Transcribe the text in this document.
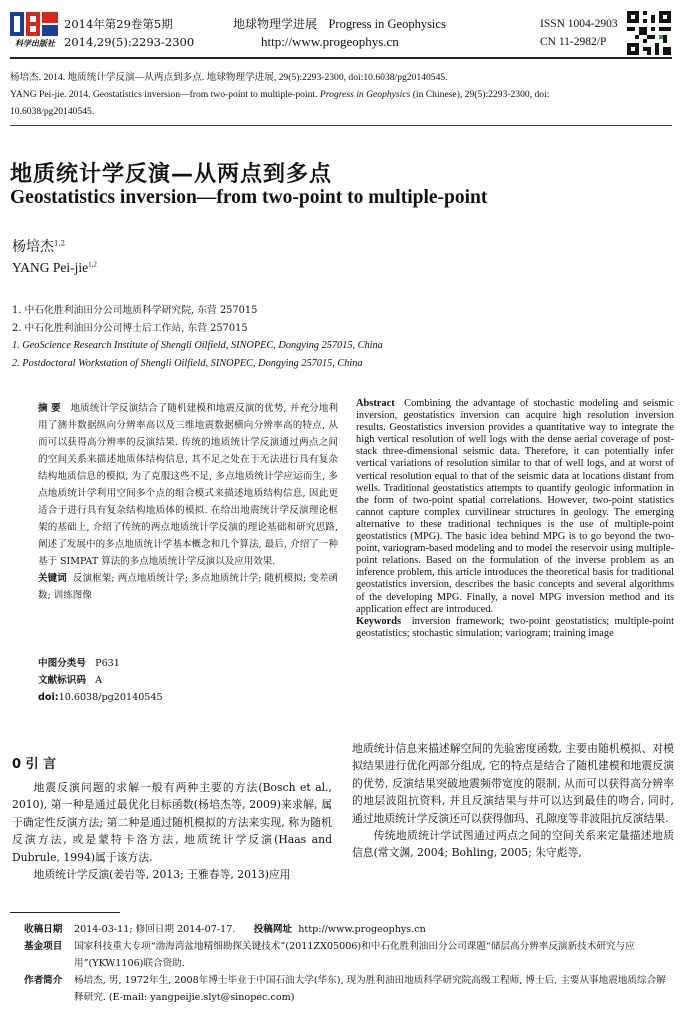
科学出版社
2014年第29卷第5期
2014,29(5):2293-2300
地球物理学进展 Progress in Geophysics
http://www.progeophys.cn
ISSN 1004-2903
CN 11-2982/P
杨培杰. 2014. 地质统计学反演—从两点到多点. 地球物理学进展, 29(5):2293-2300, doi:10.6038/pg20140545.
YANG Pei-jie. 2014. Geostatistics inversion—from two-point to multiple-point. Progress in Geophysics (in Chinese), 29(5):2293-2300, doi:
10.6038/pg20140545.
地质统计学反演—从两点到多点
Geostatistics inversion—from two-point to multiple-point
杨培杰$^{1,2}$
YANG Pei-jie$^{1,2}$
1. 中石化胜利油田分公司地质科学研究院, 东营 257015
2. 中石化胜利油田分公司博士后工作站, 东营 257015
1. GeoScience Research Institute of Shengli Oilfield, SINOPEC, Dongying 257015, China
2. Postdoctoral Workstation of Shengli Oilfield, SINOPEC, Dongying 257015, China
摘 要 地质统计学反演结合了随机建模和地震反演的优势, 并充分地利用了测井数据纵向分辨率高以及三维地震数据横向分辨率高的特点, 从而可以获得高分辨率的反演结果. 传统的地质统计学反演通过两点之间的空间关系来描述地质体结构信息, 其不足之处在于无法进行具有复杂结构地质信息的模拟, 为了克服这些不足, 多点地质统计学应运而生, 多点地质统计学利用空间多个点的组合模式来描述地质结构信息, 因此更适合于进行具有复杂结构地质体的模拟. 在给出地震统计学反演理论框架的基础上, 介绍了传统的两点地质统计学反演的理论基础和研究思路, 阐述了发展中的多点地质统计学基本概念和几个算法, 最后, 介绍了一种基于 SIMPAT 算法的多点地质统计学反演以及应用效果.
关键词 反演框架; 两点地质统计学; 多点地质统计学; 随机模拟; 变差函数; 训练图像
Abstract Combining the advantage of stochastic modeling and seismic inversion, geostatistics inversion can acquire high resolution inversion results. Geostatistics inversion provides a quantitative way to integrate the high vertical resolution of well logs with the dense aerial coverage of post-stack three-dimensional seismic data. Therefore, it can potentially infer vertical variations of resolution similar to that of well logs, and at worst of vertical resolution equal to that of the seismic data at locations distant from wells. Traditional geostatistics attempts to quantify geologic information in the form of two-point spatial correlations. However, two-point statistics cannot capture complex curvilinear structures in geology. The emerging alternative to these traditional techniques is the use of multiple-point geostatistics (MPG). The basic idea behind MPG is to go beyond the two-point, variogram-based modeling and to model the reservoir using multiple-point relations. Based on the formulation of the inverse problem as an inference problem, this article introduces the theoretical basis for traditional geostatistics inversion, describes the basic concepts and several algorithms of the developing MPG. Finally, a novel MPG inversion method and its application effect are introduced.
Keywords inversion framework; two-point geostatistics; multiple-point geostatistics; stochastic simulation; variogram; training image
中图分类号 P631
文献标识码 A
doi:10.6038/pg20140545
0 引 言
地震反演问题的求解一般有两种主要的方法(Bosch et al., 2010), 第一种是通过最优化目标函数(杨培杰等, 2009)来求解, 属于确定性反演方法; 第二种是通过随机模拟的方法来实现, 称为随机反演方法, 或是蒙特卡洛方法, 地质统计学反演(Haas and Dubrule, 1994)属于该方法.
地质统计学反演(姜岩等, 2013; 王雅春等, 2013)应用
地质统计信息来描述解空间的先验密度函数, 主要由随机模拟、对模拟结果进行优化两部分组成, 它的特点是结合了随机建模和地震反演的优势, 反演结果突破地震频带宽度的限制, 从而可以获得高分辨率的地层波阻抗资料, 并且反演结果与井可以达到最佳的吻合, 同时, 通过地质统计学反演还可以获得伽玛、孔隙度等非波阻抗反演结果.
传统地质统计学试图通过两点之间的空间关系来定量描述地质信息(常文渊, 2004; Bohling, 2005; 朱守彪等,
收稿日期	2014-03-11; 修回日期 2014-07-17. 投稿网址 http://www.progeophys.cn
基金项目	国家科技重大专项“渤海湾盆地精细勘探关键技术”(2011ZX05006)和中石化胜利油田分公司课题“储层高分辨率反演新技术研究与应用”(YKW1106)联合资助.
作者简介	杨培杰, 男, 1972年生, 2008年博士毕业于中国石油大学(华东), 现为胜利油田地质科学研究院高级工程师, 博士后, 主要从事地震地质综合解释研究. (E-mail: yangpeijie.slyt@sinopec.com)
